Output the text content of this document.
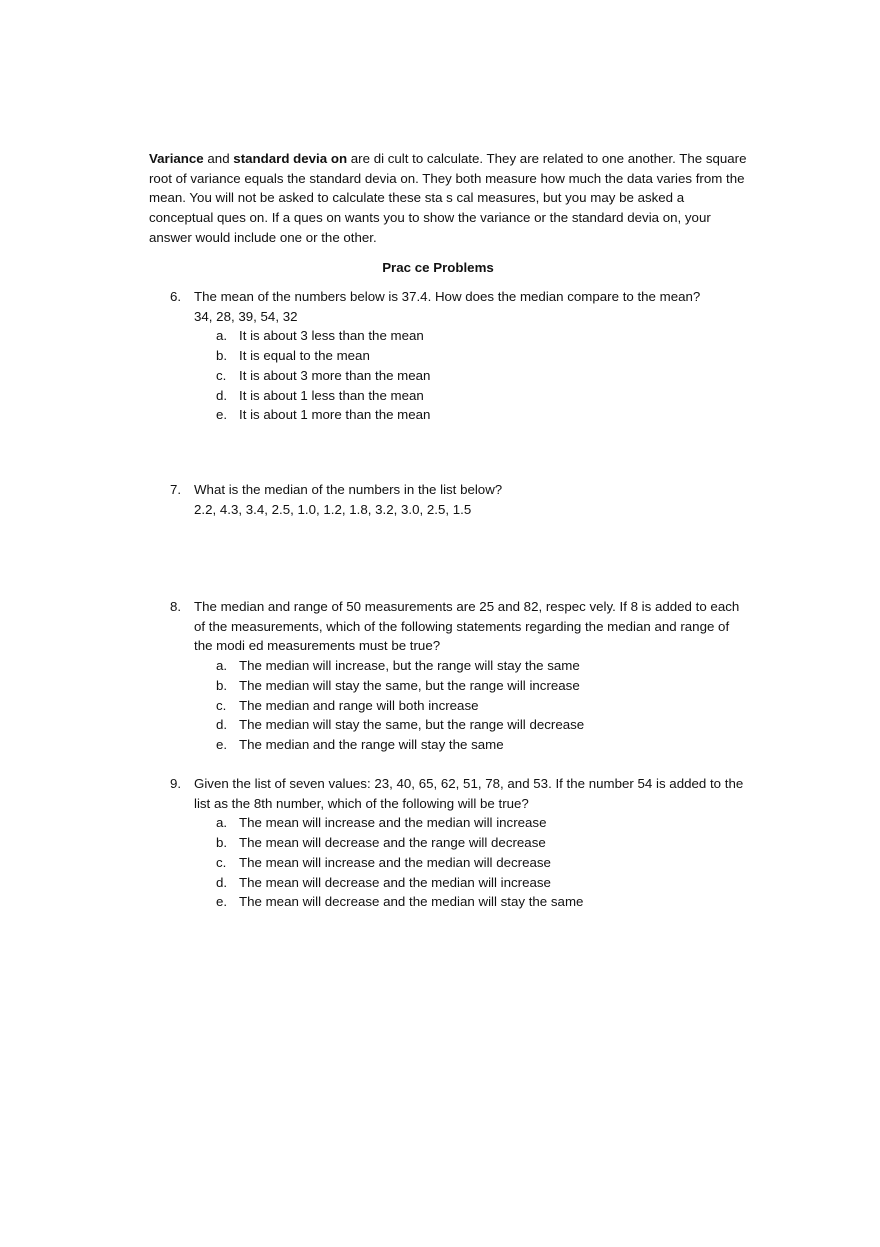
Variance and standard devia on are di cult to calculate. They are related to one another. The square root of variance equals the standard devia on. They both measure how much the data varies from the mean. You will not be asked to calculate these sta s cal measures, but you may be asked a conceptual ques on. If a ques on wants you to show the variance or the standard devia on, your answer would include one or the other.
Prac ce Problems
6. The mean of the numbers below is 37.4. How does the median compare to the mean?
34, 28, 39, 54, 32
a. It is about 3 less than the mean
b. It is equal to the mean
c. It is about 3 more than the mean
d. It is about 1 less than the mean
e. It is about 1 more than the mean
7. What is the median of the numbers in the list below?
2.2, 4.3, 3.4, 2.5, 1.0, 1.2, 1.8, 3.2, 3.0, 2.5, 1.5
8. The median and range of 50 measurements are 25 and 82, respec vely. If 8 is added to each of the measurements, which of the following statements regarding the median and range of the modi ed measurements must be true?
a. The median will increase, but the range will stay the same
b. The median will stay the same, but the range will increase
c. The median and range will both increase
d. The median will stay the same, but the range will decrease
e. The median and the range will stay the same
9. Given the list of seven values: 23, 40, 65, 62, 51, 78, and 53. If the number 54 is added to the list as the 8th number, which of the following will be true?
a. The mean will increase and the median will increase
b. The mean will decrease and the range will decrease
c. The mean will increase and the median will decrease
d. The mean will decrease and the median will increase
e. The mean will decrease and the median will stay the same
